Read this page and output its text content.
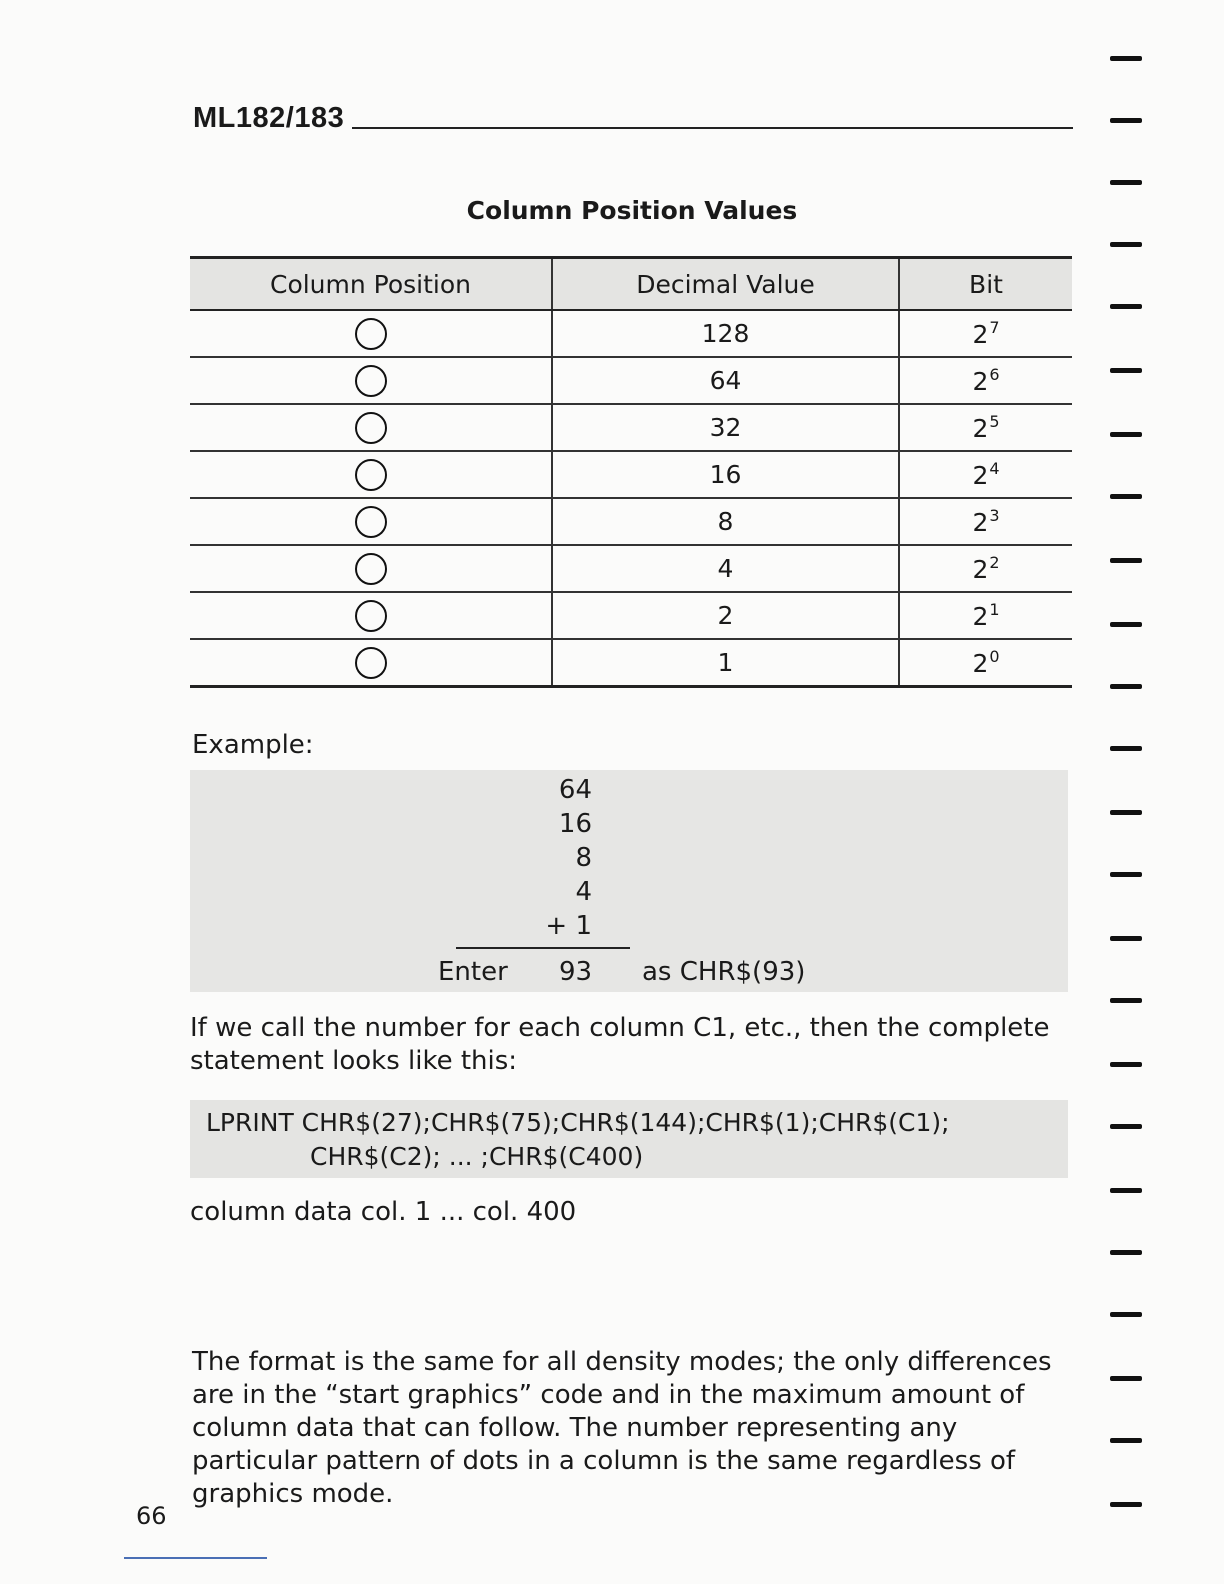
ML182/183
Column Position Values
Column Position	Decimal Value	Bit
	128	$2^7$
	64	$2^6$
	32	$2^5$
	16	$2^4$
	8	$2^3$
	4	$2^2$
	2	$2^1$
	1	$2^0$
Example:
64
16
8
4
+ 1
Enter 93 as CHR$(93)
If we call the number for each column C1, etc., then the complete statement looks like this:
LPRINT CHR$(27);CHR$(75);CHR$(144);CHR$(1);CHR$(C1);
CHR$(C2); ... ;CHR$(C400)
column data col. 1 ... col. 400
The format is the same for all density modes; the only differences are in the “start graphics” code and in the maximum amount of column data that can follow. The number representing any particular pattern of dots in a column is the same regardless of graphics mode.
66
